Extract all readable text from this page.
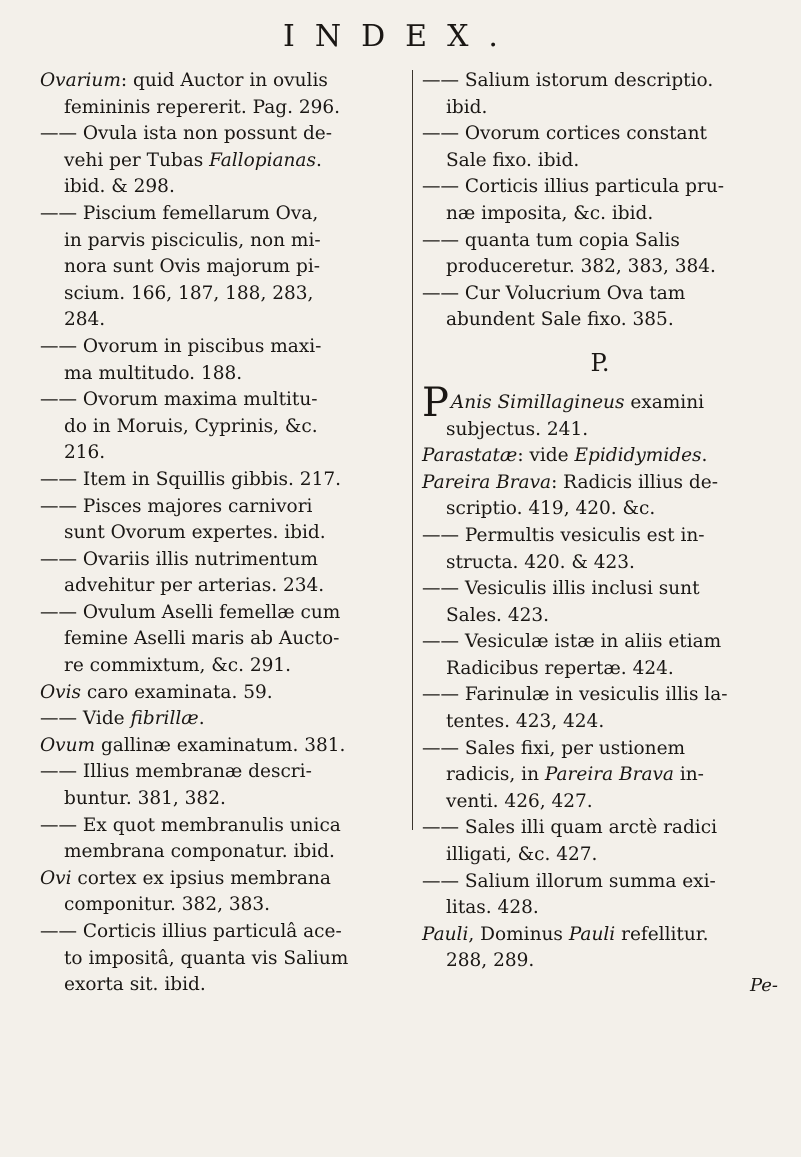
INDEX.
Ovarium: quid Auctor in ovulis
femininis repererit. Pag. 296.
—— Ovula ista non possunt de-
vehi per Tubas Fallopianas.
ibid. & 298.
—— Piscium femellarum Ova,
in parvis pisciculis, non mi-
nora sunt Ovis majorum pi-
scium. 166, 187, 188, 283,
284.
—— Ovorum in piscibus maxi-
ma multitudo. 188.
—— Ovorum maxima multitu-
do in Moruis, Cyprinis, &c.
216.
—— Item in Squillis gibbis. 217.
—— Pisces majores carnivori
sunt Ovorum expertes. ibid.
—— Ovariis illis nutrimentum
advehitur per arterias. 234.
—— Ovulum Aselli femellæ cum
femine Aselli maris ab Aucto-
re commixtum, &c. 291.
Ovis caro examinata. 59.
—— Vide fibrillæ.
Ovum gallinæ examinatum. 381.
—— Illius membranæ descri-
buntur. 381, 382.
—— Ex quot membranulis unica
membrana componatur. ibid.
Ovi cortex ex ipsius membrana
componitur. 382, 383.
—— Corticis illius particulâ ace-
to impositâ, quanta vis Salium
exorta sit. ibid.
—— Salium istorum descriptio.
ibid.
—— Ovorum cortices constant
Sale fixo. ibid.
—— Corticis illius particula pru-
næ imposita, &c. ibid.
—— quanta tum copia Salis
produceretur. 382, 383, 384.
—— Cur Volucrium Ova tam
abundent Sale fixo. 385.
P.
P Anis Simillagineus examini
subjectus. 241.
Parastatæ: vide Epididymides.
Pareira Brava: Radicis illius de-
scriptio. 419, 420. &c.
—— Permultis vesiculis est in-
structa. 420. & 423.
—— Vesiculis illis inclusi sunt
Sales. 423.
—— Vesiculæ istæ in aliis etiam
Radicibus repertæ. 424.
—— Farinulæ in vesiculis illis la-
tentes. 423, 424.
—— Sales fixi, per ustionem
radicis, in Pareira Brava in-
venti. 426, 427.
—— Sales illi quam arctè radici
illigati, &c. 427.
—— Salium illorum summa exi-
litas. 428.
Pauli, Dominus Pauli refellitur.
288, 289.
Pe-
